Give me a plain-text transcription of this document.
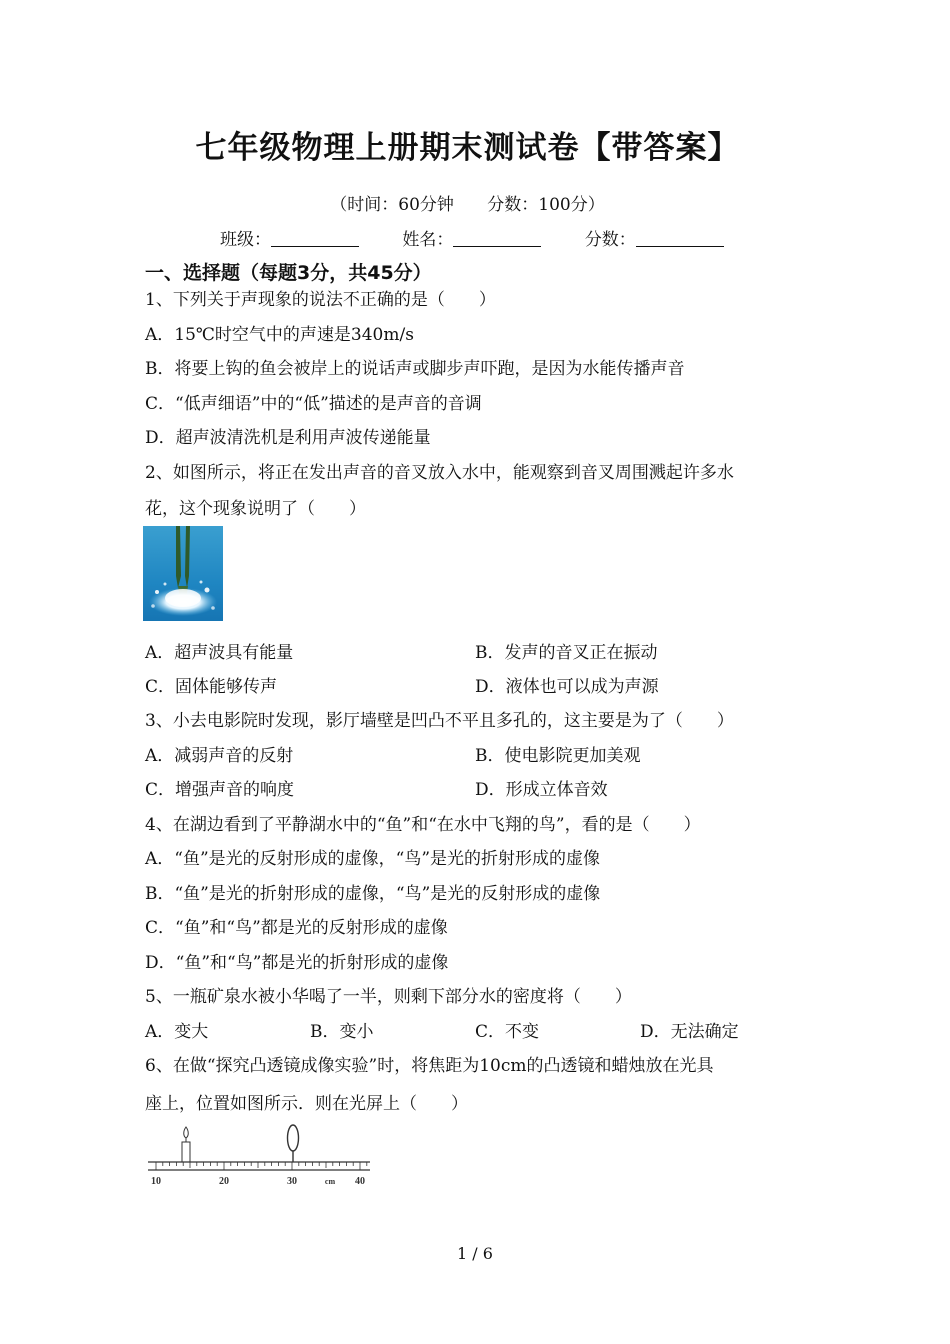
七年级物理上册期末测试卷【带答案】
（时间：60分钟 分数：100分）
班级：	姓名：	分数：
一、选择题（每题3分，共45分）
1、下列关于声现象的说法不正确的是（　　）
A．15℃时空气中的声速是340m/s
B．将要上钩的鱼会被岸上的说话声或脚步声吓跑，是因为水能传播声音
C．“低声细语”中的“低”描述的是声音的音调
D．超声波清洗机是利用声波传递能量
2、如图所示，将正在发出声音的音叉放入水中，能观察到音叉周围溅起许多水
花，这个现象说明了（　　）
A．超声波具有能量	B．发声的音叉正在振动
C．固体能够传声	D．液体也可以成为声源
3、小去电影院时发现，影厅墙壁是凹凸不平且多孔的，这主要是为了（　　）
A．减弱声音的反射	B．使电影院更加美观
C．增强声音的响度	D．形成立体音效
4、在湖边看到了平静湖水中的“鱼”和“在水中飞翔的鸟”，看的是（　　）
A．“鱼”是光的反射形成的虚像，“鸟”是光的折射形成的虚像
B．“鱼”是光的折射形成的虚像，“鸟”是光的反射形成的虚像
C．“鱼”和“鸟”都是光的反射形成的虚像
D．“鱼”和“鸟”都是光的折射形成的虚像
5、一瓶矿泉水被小华喝了一半，则剩下部分水的密度将（　　）
A．变大	B．变小	C．不变	D．无法确定
6、在做“探究凸透镜成像实验”时，将焦距为10cm的凸透镜和蜡烛放在光具
座上，位置如图所示．则在光屏上（　　）
10	20	30	40
cm
1 / 6
